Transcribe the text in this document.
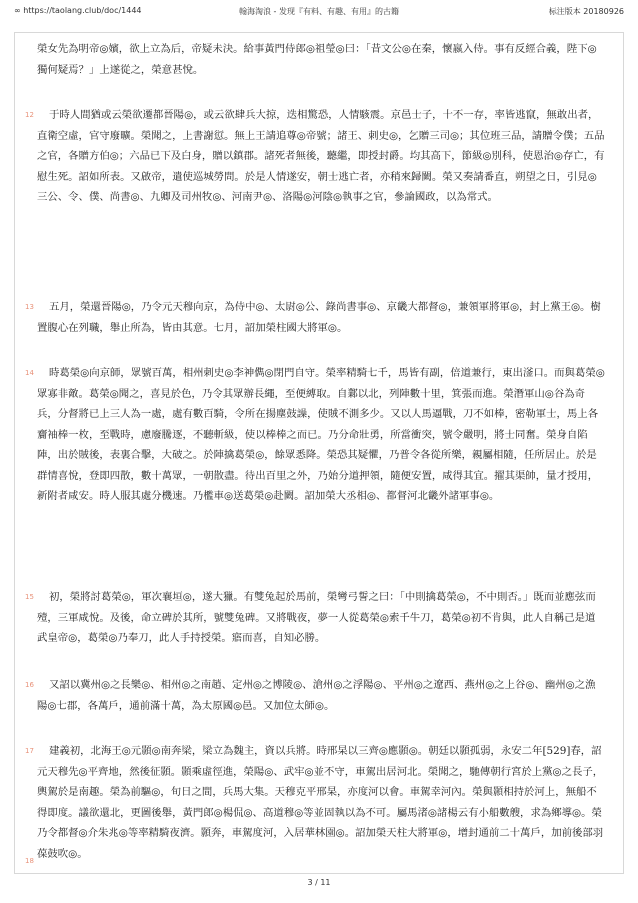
∞ https://taolang.club/doc/1444	翰海淘浪 - 发现『有料、有趣、有用』的古籍	标注版本 20180926
榮女先為明帝◎嬪，欲上立為后，帝疑未決。給事黃門侍郎◎祖瑩◎曰：「昔文公◎在秦，懷嬴入侍。事有反經合義，陛下◎獨何疑焉？」上遂從之，榮意甚悅。
12	于時人間猶或云榮欲遷都晉陽◎，或云欲肆兵大掠，迭相驚恐，人情駭震。京邑士子，十不一存，率皆逃竄，無敢出者，直衛空虛，官守廢曠。榮聞之，上書謝愆。無上王請追尊◎帝號；諸王、刺史◎，乞贈三司◎；其位班三品，請贈令僕；五品之官，各贈方伯◎；六品已下及白身，贈以鎮郡。諸死者無後，聽繼，即授封爵。均其高下，節級◎別科，使恩治◎存亡，有慰生死。詔如所表。又啟帝，遣使巡城勞問。於是人情遂安，朝士逃亡者，亦稍來歸闕。榮又奏請番直，朔望之日，引見◎三公、令、僕、尚書◎、九卿及司州牧◎、河南尹◎、洛陽◎河陰◎執事之官，參論國政，以為常式。
13	五月，榮還晉陽◎，乃令元天穆向京，為侍中◎、太尉◎公、錄尚書事◎、京畿大都督◎，兼領軍將軍◎，封上黨王◎。樹置腹心在列職，舉止所為，皆由其意。七月，詔加榮柱國大將軍◎。
14	時葛榮◎向京師，眾號百萬，相州刺史◎李神儁◎閉門自守。榮率精騎七千，馬皆有副，倍道兼行，東出滏口。而與葛榮◎眾寡非敵。葛榮◎聞之，喜見於色，乃令其眾辦長繩，至便縛取。自鄴以北，列陣數十里，箕張而進。榮潛軍山◎谷為奇兵，分督將已上三人為一處，處有數百騎，令所在揚塵鼓譟，使賊不測多少。又以人馬逼戰，刀不如棒，密勒軍士，馬上各齎袖棒一枚，至戰時，慮廢騰逐，不聽斬級，使以棒棒之而已。乃分命壯勇，所當衝突，號令嚴明，將士同奮。榮身自陷陣，出於賊後，表裏合擊，大破之。於陣擒葛榮◎，餘眾悉降。榮恐其疑懼，乃普令各從所樂，親屬相隨，任所居止。於是群情喜悅，登即四散，數十萬眾，一朝散盡。待出百里之外，乃始分道押領，隨便安置，咸得其宜。擢其渠帥，量才授用，新附者咸安。時人服其處分機速。乃檻車◎送葛榮◎赴闕。詔加榮大丞相◎、都督河北畿外諸軍事◎。
15	初，榮將討葛榮◎，軍次襄垣◎，遂大獵。有雙兔起於馬前，榮彎弓誓之曰：「中則擒葛榮◎，不中則否。」既而並應弦而殪，三軍咸悅。及後，命立碑於其所，號雙兔碑。又將戰夜，夢一人從葛榮◎索千牛刀，葛榮◎初不肯與，此人自稱己是道武皇帝◎，葛榮◎乃奉刀，此人手持授榮。寤而喜，自知必勝。
16	又詔以冀州◎之長樂◎、相州◎之南趙、定州◎之博陵◎、滄州◎之浮陽◎、平州◎之遼西、燕州◎之上谷◎、幽州◎之漁陽◎七郡，各萬戶，通前滿十萬，為太原國◎邑。又加位太師◎。
17	建義初，北海王◎元顥◎南奔梁，梁立為魏主，資以兵將。時邢杲以三齊◎應顥◎。朝廷以顥孤弱，永安二年[529]春，詔元天穆先◎平齊地，然後征顥。顥乘虛徑進，榮陽◎、武牢◎並不守，車駕出居河北。榮聞之，馳傳朝行宮於上黨◎之長子，輿駕於是南趣。榮為前驅◎，旬日之間，兵馬大集。天穆克平邢杲，亦度河以會。車駕幸河內。榮與顥相持於河上，無船不得即度。議欲還北，更圖後舉，黃門郎◎楊侃◎、高道穆◎等並固執以為不可。屬馬渚◎諸楊云有小船數艘，求為鄉導◎。榮乃令都督◎介朱兆◎等率精騎夜濟。顥奔，車駕度河，入居華林園◎。詔加榮天柱大將軍◎，增封通前二十萬戶，加前後部羽葆鼓吹◎。
18
3 / 11
